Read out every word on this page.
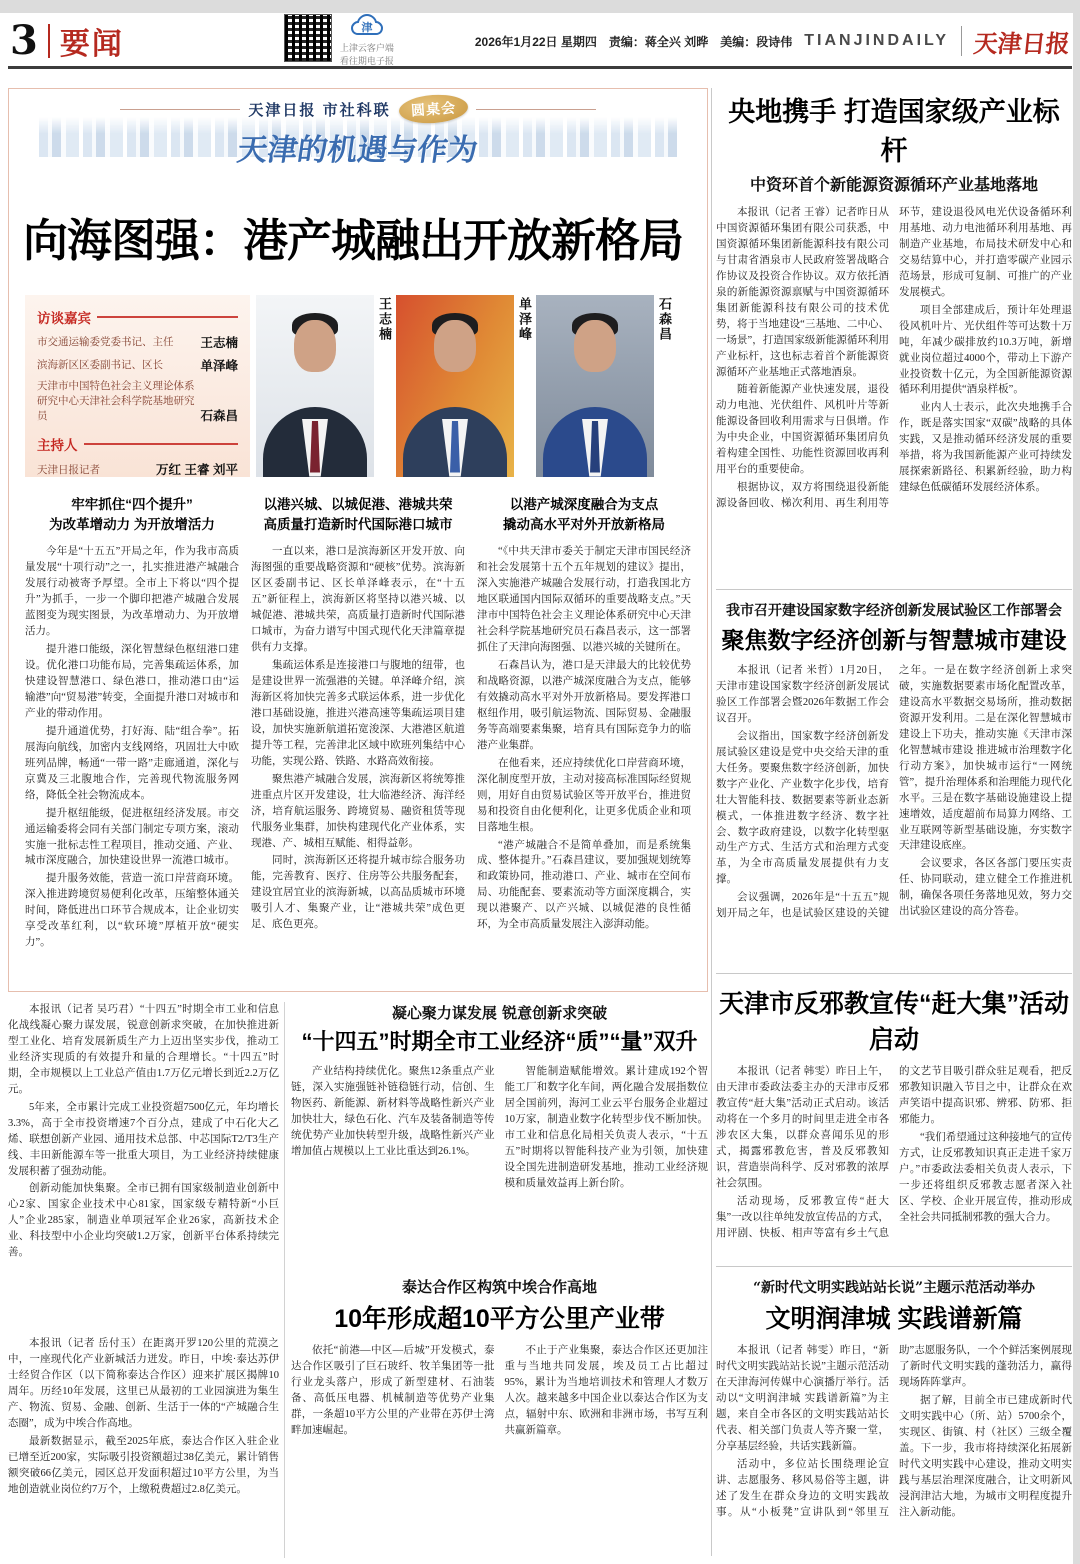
3 要闻
津
上津云客户端
看往期电子报
2026年1月22日 星期四　责编：蒋全兴 刘晔　美编：段诗伟 TIANJINDAILY 天津日报
天津日报 市社科联	圆桌会
天津的机遇与作为
向海图强：港产城融出开放新格局
访谈嘉宾
市交通运输委党委书记、主任 王志楠
滨海新区区委副书记、区长	单泽峰
天津市中国特色社会主义理论体系研究中心天津社会科学院基地研究员	石森昌
主持人
天津日报记者	万红 王睿 刘平
王志楠	单泽峰	石森昌
牢牢抓住“四个提升”
为改革增动力 为开放增活力

今年是“十五五”开局之年，作为我市高质量发展“十项行动”之一，扎实推进港产城融合发展行动被寄予厚望。全市上下将以“四个提升”为抓手，一步一个脚印把港产城融合发展蓝图变为现实图景，为改革增动力、为开放增活力。

提升港口能级，深化智慧绿色枢纽港口建设。优化港口功能布局，完善集疏运体系，加快建设智慧港口、绿色港口，推动港口由“运输港”向“贸易港”转变，全面提升港口对城市和产业的带动作用。

提升通道优势，打好海、陆“组合拳”。拓展海向航线，加密内支线网络，巩固壮大中欧班列品牌，畅通“一带一路”走廊通道，深化与京冀及三北腹地合作，完善现代物流服务网络，降低全社会物流成本。

提升枢纽能级，促进枢纽经济发展。市交通运输委将会同有关部门制定专项方案，滚动实施一批标志性工程项目，推动交通、产业、城市深度融合，加快建设世界一流港口城市。

提升服务效能，营造一流口岸营商环境。深入推进跨境贸易便利化改革，压缩整体通关时间，降低进出口环节合规成本，让企业切实享受改革红利，以“软环境”厚植开放“硬实力”。

以港兴城、以城促港、港城共荣
高质量打造新时代国际港口城市

一直以来，港口是滨海新区开发开放、向海图强的重要战略资源和“硬核”优势。滨海新区区委副书记、区长单泽峰表示，在“十五五”新征程上，滨海新区将坚持以港兴城、以城促港、港城共荣，高质量打造新时代国际港口城市，为奋力谱写中国式现代化天津篇章提供有力支撑。

集疏运体系是连接港口与腹地的纽带，也是建设世界一流强港的关键。单泽峰介绍，滨海新区将加快完善多式联运体系，进一步优化港口基础设施，推进兴港高速等集疏运项目建设，加快实施新航道拓宽浚深、大港港区航道提升等工程，完善津北区域中欧班列集结中心功能，实现公路、铁路、水路高效衔接。

聚焦港产城融合发展，滨海新区将统筹推进重点片区开发建设，壮大临港经济、海洋经济，培育航运服务、跨境贸易、融资租赁等现代服务业集群，加快构建现代化产业体系，实现港、产、城相互赋能、相得益彰。

同时，滨海新区还将提升城市综合服务功能，完善教育、医疗、住房等公共服务配套，建设宜居宜业的滨海新城，以高品质城市环境吸引人才、集聚产业，让“港城共荣”成色更足、底色更亮。

以港产城深度融合为支点
撬动高水平对外开放新格局

“《中共天津市委关于制定天津市国民经济和社会发展第十五个五年规划的建议》提出，深入实施港产城融合发展行动，打造我国北方地区联通国内国际双循环的重要战略支点。”天津市中国特色社会主义理论体系研究中心天津社会科学院基地研究员石森昌表示，这一部署抓住了天津向海图强、以港兴城的关键所在。

石森昌认为，港口是天津最大的比较优势和战略资源，以港产城深度融合为支点，能够有效撬动高水平对外开放新格局。要发挥港口枢纽作用，吸引航运物流、国际贸易、金融服务等高端要素集聚，培育具有国际竞争力的临港产业集群。

在他看来，还应持续优化口岸营商环境，深化制度型开放，主动对接高标准国际经贸规则，用好自由贸易试验区等开放平台，推进贸易和投资自由化便利化，让更多优质企业和项目落地生根。

“港产城融合不是简单叠加，而是系统集成、整体提升。”石森昌建议，要加强规划统筹和政策协同，推动港口、产业、城市在空间布局、功能配套、要素流动等方面深度耦合，实现以港聚产、以产兴城、以城促港的良性循环，为全市高质量发展注入澎湃动能。

央地携手 打造国家级产业标杆
中资环首个新能源资源循环产业基地落地

本报讯（记者 王睿）记者昨日从中国资源循环集团有限公司获悉，中国资源循环集团新能源科技有限公司与甘肃省酒泉市人民政府签署战略合作协议及投资合作协议。双方依托酒泉的新能源资源禀赋与中国资源循环集团新能源科技有限公司的技术优势，将于当地建设“三基地、二中心、一场景”，打造国家级新能源循环利用产业标杆，这也标志着首个新能源资源循环产业基地正式落地酒泉。

随着新能源产业快速发展，退役动力电池、光伏组件、风机叶片等新能源设备回收利用需求与日俱增。作为中央企业，中国资源循环集团肩负着构建全国性、功能性资源回收再利用平台的重要使命。

根据协议，双方将围绕退役新能源设备回收、梯次利用、再生利用等环节，建设退役风电光伏设备循环利用基地、动力电池循环利用基地、再制造产业基地，布局技术研发中心和交易结算中心，并打造零碳产业园示范场景，形成可复制、可推广的产业发展模式。

项目全部建成后，预计年处理退役风机叶片、光伏组件等可达数十万吨，年减少碳排放约10.3万吨，新增就业岗位超过4000个，带动上下游产业投资数十亿元，为全国新能源资源循环利用提供“酒泉样板”。

业内人士表示，此次央地携手合作，既是落实国家“双碳”战略的具体实践，又是推动循环经济发展的重要举措，将为我国新能源产业可持续发展探索新路径、积累新经验，助力构建绿色低碳循环发展经济体系。

我市召开建设国家数字经济创新发展试验区工作部署会
聚焦数字经济创新与智慧城市建设

本报讯（记者 米哲）1月20日，天津市建设国家数字经济创新发展试验区工作部署会暨2026年数据工作会议召开。

会议指出，国家数字经济创新发展试验区建设是党中央交给天津的重大任务。要聚焦数字经济创新，加快数字产业化、产业数字化步伐，培育壮大智能科技、数据要素等新业态新模式，一体推进数字经济、数字社会、数字政府建设，以数字化转型驱动生产方式、生活方式和治理方式变革，为全市高质量发展提供有力支撑。

会议强调，2026年是“十五五”规划开局之年，也是试验区建设的关键之年。一是在数字经济创新上求突破，实施数据要素市场化配置改革，建设高水平数据交易场所，推动数据资源开发利用。二是在深化智慧城市建设上下功夫，推动实施《天津市深化智慧城市建设 推进城市治理数字化行动方案》，加快城市运行“一网统管”，提升治理体系和治理能力现代化水平。三是在数字基础设施建设上提速增效，适度超前布局算力网络、工业互联网等新型基础设施，夯实数字天津建设底座。

会议要求，各区各部门要压实责任、协同联动，建立健全工作推进机制，确保各项任务落地见效，努力交出试验区建设的高分答卷。

天津市反邪教宣传“赶大集”活动启动

本报讯（记者 韩雯）昨日上午，由天津市委政法委主办的天津市反邪教宣传“赶大集”活动正式启动。该活动将在一个多月的时间里走进全市各涉农区大集，以群众喜闻乐见的形式，揭露邪教危害，普及反邪教知识，营造崇尚科学、反对邪教的浓厚社会氛围。

活动现场，反邪教宣传“赶大集”一改以往单纯发放宣传品的方式，用评剧、快板、相声等富有乡土气息的文艺节目吸引群众驻足观看，把反邪教知识融入节目之中，让群众在欢声笑语中提高识邪、辨邪、防邪、拒邪能力。

“我们希望通过这种接地气的宣传方式，让反邪教知识真正走进千家万户。”市委政法委相关负责人表示，下一步还将组织反邪教志愿者深入社区、学校、企业开展宣传，推动形成全社会共同抵制邪教的强大合力。

“新时代文明实践站站长说”主题示范活动举办
文明润津城 实践谱新篇

本报讯（记者 韩雯）昨日，“新时代文明实践站站长说”主题示范活动在天津海河传媒中心演播厅举行。活动以“文明润津城 实践谱新篇”为主题，来自全市各区的文明实践站站长代表、相关部门负责人等齐聚一堂，分享基层经验，共话实践新篇。

活动中，多位站长围绕理论宣讲、志愿服务、移风易俗等主题，讲述了发生在群众身边的文明实践故事。从“小板凳”宣讲队到“邻里互助”志愿服务队，一个个鲜活案例展现了新时代文明实践的蓬勃活力，赢得现场阵阵掌声。

据了解，目前全市已建成新时代文明实践中心（所、站）5700余个，实现区、街镇、村（社区）三级全覆盖。下一步，我市将持续深化拓展新时代文明实践中心建设，推动文明实践与基层治理深度融合，让文明新风浸润津沽大地，为城市文明程度提升注入新动能。

本报讯（记者 吴巧君）“十四五”时期全市工业和信息化战线凝心聚力谋发展，锐意创新求突破，在加快推进新型工业化、培育发展新质生产力上迈出坚实步伐，推动工业经济实现质的有效提升和量的合理增长。“十四五”时期，全市规模以上工业总产值由1.7万亿元增长到近2.2万亿元。

5年来，全市累计完成工业投资超7500亿元，年均增长3.3%，高于全市投资增速7个百分点，建成了中石化大乙烯、联想创新产业园、通用技术总部、中芯国际T2/T3生产线、丰田新能源车等一批重大项目，为工业经济持续健康发展积蓄了强劲动能。

创新动能加快集聚。全市已拥有国家级制造业创新中心2家、国家企业技术中心81家，国家级专精特新“小巨人”企业285家，制造业单项冠军企业26家，高新技术企业、科技型中小企业均突破1.2万家，创新平台体系持续完善。

本报讯（记者 岳付玉）在距离开罗120公里的荒漠之中，一座现代化产业新城活力迸发。昨日，中埃·泰达苏伊士经贸合作区（以下简称泰达合作区）迎来扩展区揭牌10周年。历经10年发展，这里已从最初的工业园演进为集生产、物流、贸易、金融、创新、生活于一体的“产城融合生态圈”，成为中埃合作高地。

最新数据显示，截至2025年底，泰达合作区入驻企业已增至近200家，实际吸引投资额超过38亿美元，累计销售额突破66亿美元，园区总开发面积超过10平方公里，为当地创造就业岗位约7万个，上缴税费超过2.8亿美元。

凝心聚力谋发展 锐意创新求突破
“十四五”时期全市工业经济“质”“量”双升

产业结构持续优化。聚焦12条重点产业链，深入实施强链补链稳链行动，信创、生物医药、新能源、新材料等战略性新兴产业加快壮大，绿色石化、汽车及装备制造等传统优势产业加快转型升级，战略性新兴产业增加值占规模以上工业比重达到26.1%。

智能制造赋能增效。累计建成192个智能工厂和数字化车间，两化融合发展指数位居全国前列，海河工业云平台服务企业超过10万家，制造业数字化转型步伐不断加快。市工业和信息化局相关负责人表示，“十五五”时期将以智能科技产业为引领，加快建设全国先进制造研发基地，推动工业经济规模和质量效益再上新台阶。

泰达合作区构筑中埃合作高地
10年形成超10平方公里产业带

依托“前港—中区—后城”开发模式，泰达合作区吸引了巨石玻纤、牧羊集团等一批行业龙头落户，形成了新型建材、石油装备、高低压电器、机械制造等优势产业集群，一条超10平方公里的产业带在苏伊士湾畔加速崛起。

不止于产业集聚，泰达合作区还更加注重与当地共同发展，埃及员工占比超过95%，累计为当地培训技术和管理人才数万人次。越来越多中国企业以泰达合作区为支点，辐射中东、欧洲和非洲市场，书写互利共赢新篇章。
